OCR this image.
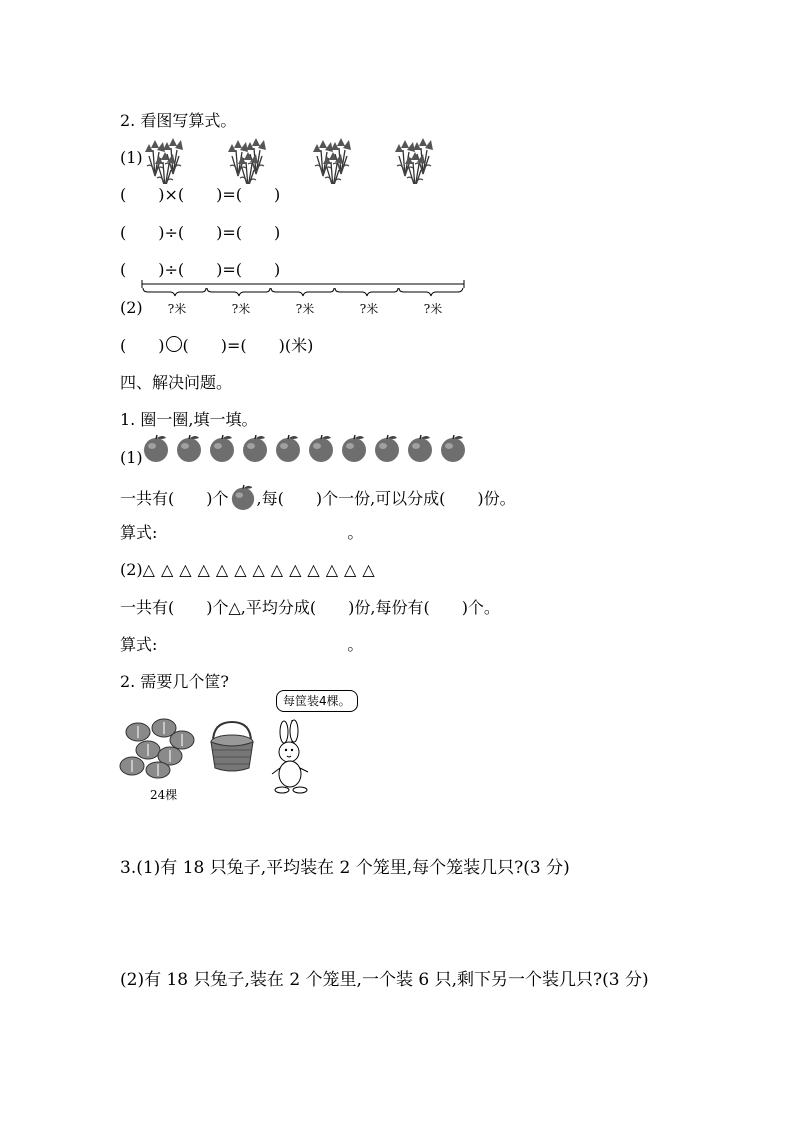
2. 看图写算式。
(1)
(　　)×(　　)=(　　)
(　　)÷(　　)=(　　)
(　　)÷(　　)=(　　)
(2)	?米	?米	?米	?米	?米
(　　) (　　)=(　　)(米)
四、解决问题。
1. 圈一圈,填一填。
(1)
一共有(　　)个 ,每(　　)个一份,可以分成(　　)份。
算式:	。
(2)△△△△△△△△△△△△△
一共有(　　)个△,平均分成(　　)份,每份有(　　)个。
算式:	。
2. 需要几个筐?
24棵
每筐装4棵。
3.(1)有 18 只兔子,平均装在 2 个笼里,每个笼装几只?(3 分)
(2)有 18 只兔子,装在 2 个笼里,一个装 6 只,剩下另一个装几只?(3 分)
